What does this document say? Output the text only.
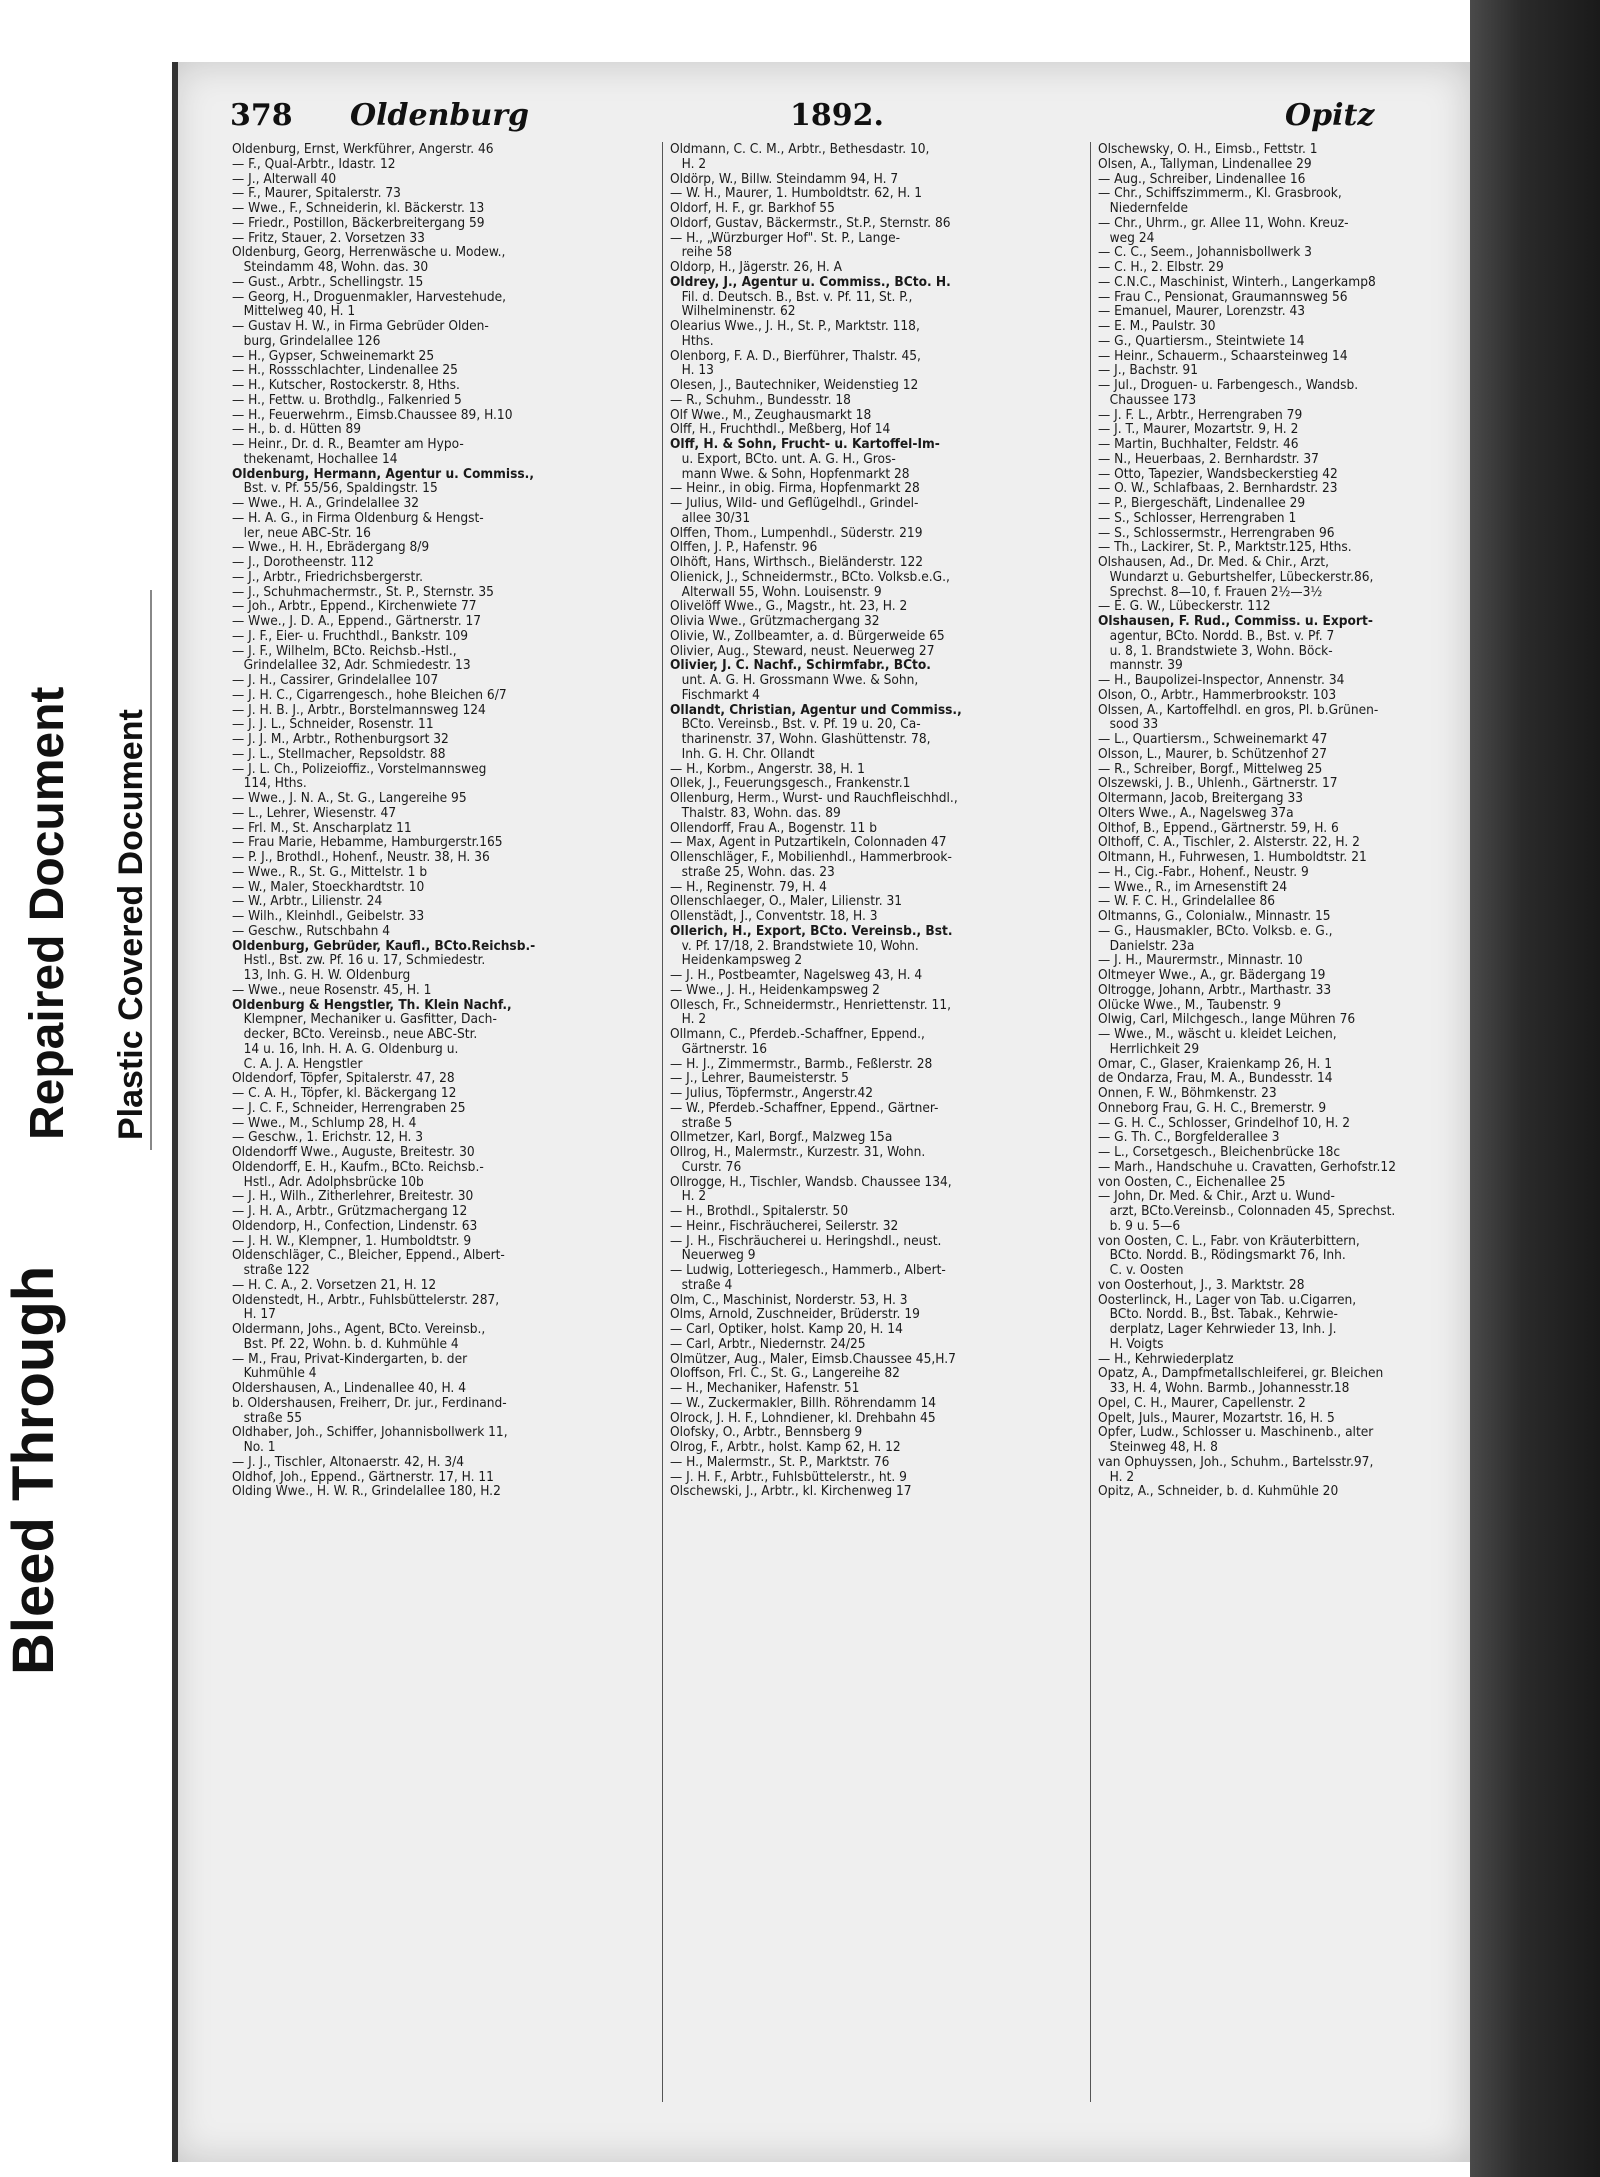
Bleed Through
Repaired Document Plastic Covered Document
378 Oldenburg	1892.	Opitz
Oldenburg, Ernst, Werkführer, Angerstr. 46
— F., Qual-Arbtr., Idastr. 12
— J., Alterwall 40
— F., Maurer, Spitalerstr. 73
— Wwe., F., Schneiderin, kl. Bäckerstr. 13
— Friedr., Postillon, Bäckerbreitergang 59
— Fritz, Stauer, 2. Vorsetzen 33
Oldenburg, Georg, Herrenwäsche u. Modew.,
Steindamm 48, Wohn. das. 30
— Gust., Arbtr., Schellingstr. 15
— Georg, H., Droguenmakler, Harvestehude,
Mittelweg 40, H. 1
— Gustav H. W., in Firma Gebrüder Olden-
burg, Grindelallee 126
— H., Gypser, Schweinemarkt 25
— H., Rossschlachter, Lindenallee 25
— H., Kutscher, Rostockerstr. 8, Hths.
— H., Fettw. u. Brothdlg., Falkenried 5
— H., Feuerwehrm., Eimsb.Chaussee 89, H.10
— H., b. d. Hütten 89
— Heinr., Dr. d. R., Beamter am Hypo-
thekenamt, Hochallee 14
Oldenburg, Hermann, Agentur u. Commiss.,
Bst. v. Pf. 55/56, Spaldingstr. 15
— Wwe., H. A., Grindelallee 32
— H. A. G., in Firma Oldenburg & Hengst-
ler, neue ABC-Str. 16
— Wwe., H. H., Ebrädergang 8/9
— J., Dorotheenstr. 112
— J., Arbtr., Friedrichsbergerstr.
— J., Schuhmachermstr., St. P., Sternstr. 35
— Joh., Arbtr., Eppend., Kirchenwiete 77
— Wwe., J. D. A., Eppend., Gärtnerstr. 17
— J. F., Eier- u. Fruchthdl., Bankstr. 109
— J. F., Wilhelm, BCto. Reichsb.-Hstl.,
Grindelallee 32, Adr. Schmiedestr. 13
— J. H., Cassirer, Grindelallee 107
— J. H. C., Cigarrengesch., hohe Bleichen 6/7
— J. H. B. J., Arbtr., Borstelmannsweg 124
— J. J. L., Schneider, Rosenstr. 11
— J. J. M., Arbtr., Rothenburgsort 32
— J. L., Stellmacher, Repsoldstr. 88
— J. L. Ch., Polizeioffiz., Vorstelmannsweg
114, Hths.
— Wwe., J. N. A., St. G., Langereihe 95
— L., Lehrer, Wiesenstr. 47
— Frl. M., St. Anscharplatz 11
— Frau Marie, Hebamme, Hamburgerstr.165
— P. J., Brothdl., Hohenf., Neustr. 38, H. 36
— Wwe., R., St. G., Mittelstr. 1 b
— W., Maler, Stoeckhardtstr. 10
— W., Arbtr., Lilienstr. 24
— Wilh., Kleinhdl., Geibelstr. 33
— Geschw., Rutschbahn 4
Oldenburg, Gebrüder, Kaufl., BCto.Reichsb.-
Hstl., Bst. zw. Pf. 16 u. 17, Schmiedestr.
13, Inh. G. H. W. Oldenburg
— Wwe., neue Rosenstr. 45, H. 1
Oldenburg & Hengstler, Th. Klein Nachf.,
Klempner, Mechaniker u. Gasfitter, Dach-
decker, BCto. Vereinsb., neue ABC-Str.
14 u. 16, Inh. H. A. G. Oldenburg u.
C. A. J. A. Hengstler
Oldendorf, Töpfer, Spitalerstr. 47, 28
— C. A. H., Töpfer, kl. Bäckergang 12
— J. C. F., Schneider, Herrengraben 25
— Wwe., M., Schlump 28, H. 4
— Geschw., 1. Erichstr. 12, H. 3
Oldendorff Wwe., Auguste, Breitestr. 30
Oldendorff, E. H., Kaufm., BCto. Reichsb.-
Hstl., Adr. Adolphsbrücke 10b
— J. H., Wilh., Zitherlehrer, Breitestr. 30
— J. H. A., Arbtr., Grützmachergang 12
Oldendorp, H., Confection, Lindenstr. 63
— J. H. W., Klempner, 1. Humboldtstr. 9
Oldenschläger, C., Bleicher, Eppend., Albert-
straße 122
— H. C. A., 2. Vorsetzen 21, H. 12
Oldenstedt, H., Arbtr., Fuhlsbüttelerstr. 287,
H. 17
Oldermann, Johs., Agent, BCto. Vereinsb.,
Bst. Pf. 22, Wohn. b. d. Kuhmühle 4
— M., Frau, Privat-Kindergarten, b. der
Kuhmühle 4
Oldershausen, A., Lindenallee 40, H. 4
b. Oldershausen, Freiherr, Dr. jur., Ferdinand-
straße 55
Oldhaber, Joh., Schiffer, Johannisbollwerk 11,
No. 1
— J. J., Tischler, Altonaerstr. 42, H. 3/4
Oldhof, Joh., Eppend., Gärtnerstr. 17, H. 11
Olding Wwe., H. W. R., Grindelallee 180, H.2
Oldmann, C. C. M., Arbtr., Bethesdastr. 10,
H. 2
Oldörp, W., Billw. Steindamm 94, H. 7
— W. H., Maurer, 1. Humboldtstr. 62, H. 1
Oldorf, H. F., gr. Barkhof 55
Oldorf, Gustav, Bäckermstr., St.P., Sternstr. 86
— H., „Würzburger Hof". St. P., Lange-
reihe 58
Oldorp, H., Jägerstr. 26, H. A
Oldrey, J., Agentur u. Commiss., BCto. H.
Fil. d. Deutsch. B., Bst. v. Pf. 11, St. P.,
Wilhelminenstr. 62
Olearius Wwe., J. H., St. P., Marktstr. 118,
Hths.
Olenborg, F. A. D., Bierführer, Thalstr. 45,
H. 13
Olesen, J., Bautechniker, Weidenstieg 12
— R., Schuhm., Bundesstr. 18
Olf Wwe., M., Zeughausmarkt 18
Olff, H., Fruchthdl., Meßberg, Hof 14
Olff, H. & Sohn, Frucht- u. Kartoffel-Im-
u. Export, BCto. unt. A. G. H., Gros-
mann Wwe. & Sohn, Hopfenmarkt 28
— Heinr., in obig. Firma, Hopfenmarkt 28
— Julius, Wild- und Geflügelhdl., Grindel-
allee 30/31
Olffen, Thom., Lumpenhdl., Süderstr. 219
Olffen, J. P., Hafenstr. 96
Olhöft, Hans, Wirthsch., Bieländerstr. 122
Olienick, J., Schneidermstr., BCto. Volksb.e.G.,
Alterwall 55, Wohn. Louisenstr. 9
Olivelöff Wwe., G., Magstr., ht. 23, H. 2
Olivia Wwe., Grützmachergang 32
Olivie, W., Zollbeamter, a. d. Bürgerweide 65
Olivier, Aug., Steward, neust. Neuerweg 27
Olivier, J. C. Nachf., Schirmfabr., BCto.
unt. A. G. H. Grossmann Wwe. & Sohn,
Fischmarkt 4
Ollandt, Christian, Agentur und Commiss.,
BCto. Vereinsb., Bst. v. Pf. 19 u. 20, Ca-
tharinenstr. 37, Wohn. Glashüttenstr. 78,
Inh. G. H. Chr. Ollandt
— H., Korbm., Angerstr. 38, H. 1
Ollek, J., Feuerungsgesch., Frankenstr.1
Ollenburg, Herm., Wurst- und Rauchfleischhdl.,
Thalstr. 83, Wohn. das. 89
Ollendorff, Frau A., Bogenstr. 11 b
— Max, Agent in Putzartikeln, Colonnaden 47
Ollenschläger, F., Mobilienhdl., Hammerbrook-
straße 25, Wohn. das. 23
— H., Reginenstr. 79, H. 4
Ollenschlaeger, O., Maler, Lilienstr. 31
Ollenstädt, J., Conventstr. 18, H. 3
Ollerich, H., Export, BCto. Vereinsb., Bst.
v. Pf. 17/18, 2. Brandstwiete 10, Wohn.
Heidenkampsweg 2
— J. H., Postbeamter, Nagelsweg 43, H. 4
— Wwe., J. H., Heidenkampsweg 2
Ollesch, Fr., Schneidermstr., Henriettenstr. 11,
H. 2
Ollmann, C., Pferdeb.-Schaffner, Eppend.,
Gärtnerstr. 16
— H. J., Zimmermstr., Barmb., Feßlerstr. 28
— J., Lehrer, Baumeisterstr. 5
— Julius, Töpfermstr., Angerstr.42
— W., Pferdeb.-Schaffner, Eppend., Gärtner-
straße 5
Ollmetzer, Karl, Borgf., Malzweg 15a
Ollrog, H., Malermstr., Kurzestr. 31, Wohn.
Curstr. 76
Ollrogge, H., Tischler, Wandsb. Chaussee 134,
H. 2
— H., Brothdl., Spitalerstr. 50
— Heinr., Fischräucherei, Seilerstr. 32
— J. H., Fischräucherei u. Heringshdl., neust.
Neuerweg 9
— Ludwig, Lotteriegesch., Hammerb., Albert-
straße 4
Olm, C., Maschinist, Norderstr. 53, H. 3
Olms, Arnold, Zuschneider, Brüderstr. 19
— Carl, Optiker, holst. Kamp 20, H. 14
— Carl, Arbtr., Niedernstr. 24/25
Olmützer, Aug., Maler, Eimsb.Chaussee 45,H.7
Oloffson, Frl. C., St. G., Langereihe 82
— H., Mechaniker, Hafenstr. 51
— W., Zuckermakler, Billh. Röhrendamm 14
Olrock, J. H. F., Lohndiener, kl. Drehbahn 45
Olofsky, O., Arbtr., Bennsberg 9
Olrog, F., Arbtr., holst. Kamp 62, H. 12
— H., Malermstr., St. P., Marktstr. 76
— J. H. F., Arbtr., Fuhlsbüttelerstr., ht. 9
Olschewski, J., Arbtr., kl. Kirchenweg 17
Olschewsky, O. H., Eimsb., Fettstr. 1
Olsen, A., Tallyman, Lindenallee 29
— Aug., Schreiber, Lindenallee 16
— Chr., Schiffszimmerm., Kl. Grasbrook,
Niedernfelde
— Chr., Uhrm., gr. Allee 11, Wohn. Kreuz-
weg 24
— C. C., Seem., Johannisbollwerk 3
— C. H., 2. Elbstr. 29
— C.N.C., Maschinist, Winterh., Langerkamp8
— Frau C., Pensionat, Graumannsweg 56
— Emanuel, Maurer, Lorenzstr. 43
— E. M., Paulstr. 30
— G., Quartiersm., Steintwiete 14
— Heinr., Schauerm., Schaarsteinweg 14
— J., Bachstr. 91
— Jul., Droguen- u. Farbengesch., Wandsb.
Chaussee 173
— J. F. L., Arbtr., Herrengraben 79
— J. T., Maurer, Mozartstr. 9, H. 2
— Martin, Buchhalter, Feldstr. 46
— N., Heuerbaas, 2. Bernhardstr. 37
— Otto, Tapezier, Wandsbeckerstieg 42
— O. W., Schlafbaas, 2. Bernhardstr. 23
— P., Biergeschäft, Lindenallee 29
— S., Schlosser, Herrengraben 1
— S., Schlossermstr., Herrengraben 96
— Th., Lackirer, St. P., Marktstr.125, Hths.
Olshausen, Ad., Dr. Med. & Chir., Arzt,
Wundarzt u. Geburtshelfer, Lübeckerstr.86,
Sprechst. 8—10, f. Frauen 2½—3½
— E. G. W., Lübeckerstr. 112
Olshausen, F. Rud., Commiss. u. Export-
agentur, BCto. Nordd. B., Bst. v. Pf. 7
u. 8, 1. Brandstwiete 3, Wohn. Böck-
mannstr. 39
— H., Baupolizei-Inspector, Annenstr. 34
Olson, O., Arbtr., Hammerbrookstr. 103
Olssen, A., Kartoffelhdl. en gros, Pl. b.Grünen-
sood 33
— L., Quartiersm., Schweinemarkt 47
Olsson, L., Maurer, b. Schützenhof 27
— R., Schreiber, Borgf., Mittelweg 25
Olszewski, J. B., Uhlenh., Gärtnerstr. 17
Oltermann, Jacob, Breitergang 33
Olters Wwe., A., Nagelsweg 37a
Olthof, B., Eppend., Gärtnerstr. 59, H. 6
Olthoff, C. A., Tischler, 2. Alsterstr. 22, H. 2
Oltmann, H., Fuhrwesen, 1. Humboldtstr. 21
— H., Cig.-Fabr., Hohenf., Neustr. 9
— Wwe., R., im Arnesenstift 24
— W. F. C. H., Grindelallee 86
Oltmanns, G., Colonialw., Minnastr. 15
— G., Hausmakler, BCto. Volksb. e. G.,
Danielstr. 23a
— J. H., Maurermstr., Minnastr. 10
Oltmeyer Wwe., A., gr. Bädergang 19
Oltrogge, Johann, Arbtr., Marthastr. 33
Olücke Wwe., M., Taubenstr. 9
Olwig, Carl, Milchgesch., lange Mühren 76
— Wwe., M., wäscht u. kleidet Leichen,
Herrlichkeit 29
Omar, C., Glaser, Kraienkamp 26, H. 1
de Ondarza, Frau, M. A., Bundesstr. 14
Onnen, F. W., Böhmkenstr. 23
Onneborg Frau, G. H. C., Bremerstr. 9
— G. H. C., Schlosser, Grindelhof 10, H. 2
— G. Th. C., Borgfelderallee 3
— L., Corsetgesch., Bleichenbrücke 18c
— Marh., Handschuhe u. Cravatten, Gerhofstr.12
von Oosten, C., Eichenallee 25
— John, Dr. Med. & Chir., Arzt u. Wund-
arzt, BCto.Vereinsb., Colonnaden 45, Sprechst.
b. 9 u. 5—6
von Oosten, C. L., Fabr. von Kräuterbittern,
BCto. Nordd. B., Rödingsmarkt 76, Inh.
C. v. Oosten
von Oosterhout, J., 3. Marktstr. 28
Oosterlinck, H., Lager von Tab. u.Cigarren,
BCto. Nordd. B., Bst. Tabak., Kehrwie-
derplatz, Lager Kehrwieder 13, Inh. J.
H. Voigts
— H., Kehrwiederplatz
Opatz, A., Dampfmetallschleiferei, gr. Bleichen
33, H. 4, Wohn. Barmb., Johannesstr.18
Opel, C. H., Maurer, Capellenstr. 2
Opelt, Juls., Maurer, Mozartstr. 16, H. 5
Opfer, Ludw., Schlosser u. Maschinenb., alter
Steinweg 48, H. 8
van Ophuyssen, Joh., Schuhm., Bartelsstr.97,
H. 2
Opitz, A., Schneider, b. d. Kuhmühle 20
